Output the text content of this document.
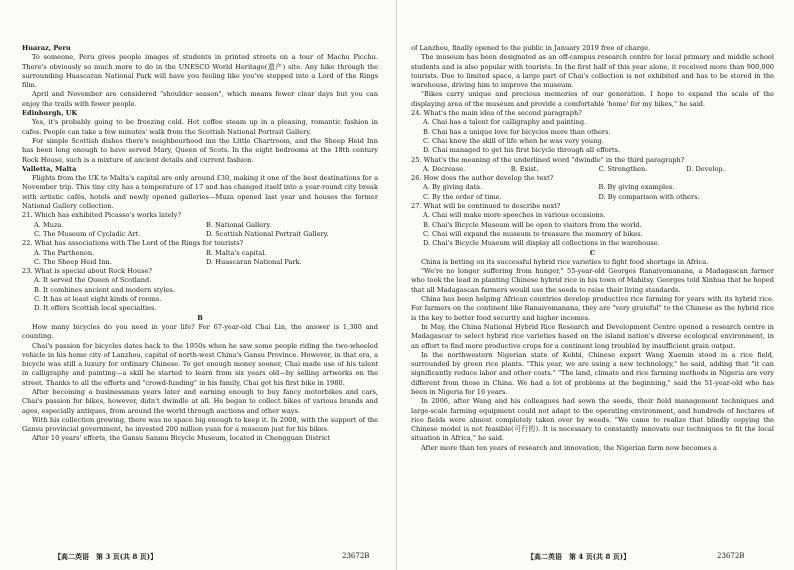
Huaraz, Peru
To someone, Peru gives people images of students in printed streets on a tour of Machu Picchu. There's obviously so much more to do in the UNESCO World Heritage(遗产) site. Any hike through the surrounding Huascaran National Park will have you feeling like you've stepped into a Lord of the Rings film.
April and November are considered "shoulder season", which means fewer clear days but you can enjoy the trails with fewer people.
Edinburgh, UK
Yes, it's probably going to be freezing cold. Hot coffee steam up in a pleasing, romantic fashion in cafes. People can take a few minutes' walk from the Scottish National Portrait Gallery.
For simple Scottish dishes there's neighbourhood inn the Little Chartroom, and the Sheep Heid Inn has been long enough to have served Mary, Queen of Scots. In the eight bedrooms at the 18th century Rock House, such is a mixture of ancient details and current fashion.
Valletta, Malta
Flights from the UK to Malta's capital are only around £30, making it one of the best destinations for a November trip. This tiny city has a temperature of 17 and has changed itself into a year-round city break with artistic cafés, hotels and newly opened galleries—Muza opened last year and houses the former National Gallery collection.
21. Which has exhibited Picasso's works lately?
A. Muza.	B. National Gallery.
C. The Museum of Cycladic Art.	D. Scottish National Portrait Gallery.
22. What has associations with The Lord of the Rings for tourists?
A. The Parthenon.	B. Malta's capital.
C. The Sheep Heid Inn.	D. Huascaran National Park.
23. What is special about Rock House?
A. It served the Queen of Scotland.
B. It combines ancient and modern styles.
C. It has at least eight kinds of rooms.
D. It offers Scottish local specialties.
B
How many bicycles do you need in your life? For 67-year-old Chai Lin, the answer is 1,300 and counting.
Chai's passion for bicycles dates back to the 1950s when he saw some people riding the two-wheeled vehicle in his home city of Lanzhou, capital of north-west China's Gansu Province. However, in that era, a bicycle was still a luxury for ordinary Chinese. To get enough money sooner, Chai made use of his talent in calligraphy and painting—a skill he started to learn from six years old—by selling artworks on the street. Thanks to all the efforts and "crowd-funding" in his family, Chai got his first bike in 1980.
After becoming a businessman years later and earning enough to buy fancy motorbikes and cars, Chai's passion for bikes, however, didn't dwindle at all. He began to collect bikes of various brands and ages, especially antiques, from around the world through auctions and other ways.
With his collection growing, there was no space big enough to keep it. In 2008, with the support of the Gansu provincial government, he invested 200 million yuan for a museum just for his bikes.
After 10 years' efforts, the Gansu Sanmu Bicycle Museum, located in Chengguan District
【高二英语　第 3 页(共 8 页)】	23672B
of Lanzhou, finally opened to the public in January 2019 free of charge.
The museum has been designated as an off-campus research centre for local primary and middle school students and is also popular with tourists. In the first half of this year alone, it received more than 900,000 tourists. Due to limited space, a large part of Chai's collection is not exhibited and has to be stored in the warehouse, driving him to improve the museum.
"Bikes carry unique and precious memories of our generation. I hope to expand the scale of the displaying area of the museum and provide a comfortable 'home' for my bikes," he said.
24. What's the main idea of the second paragraph?
A. Chai has a talent for calligraphy and painting.
B. Chai has a unique love for bicycles more than others.
C. Chai knew the skill of life when he was very young.
D. Chai managed to get his first bicycle through all efforts.
25. What's the meaning of the underlined word "dwindle" in the third paragraph?
A. Decrease.	B. Exist.	C. Strengthen.	D. Develop.
26. How does the author develop the text?
A. By giving data.	B. By giving examples.
C. By the order of time.	D. By comparison with others.
27. What will be continued to describe next?
A. Chai will make more speeches in various occasions.
B. Chai's Bicycle Museum will be open to visitors from the world.
C. Chai will expand the museum to treasure the memory of bikes.
D. Chai's Bicycle Museum will display all collections in the warehouse.
C
China is betting on its successful hybrid rice varieties to fight food shortage in Africa.
"We're no longer suffering from hunger," 55-year-old Georges Ranaivomanana, a Madagascan farmer who took the lead in planting Chinese hybrid rice in his town of Mahitsy. Georges told Xinhua that he hoped that all Madagascan farmers would use the seeds to raise their living standards.
China has been helping African countries develop productive rice farming for years with its hybrid rice. For farmers on the continent like Ranaivomanana, they are "very grateful" to the Chinese as the hybrid rice is the key to better food security and higher incomes.
In May, the China National Hybrid Rice Research and Development Centre opened a research centre in Madagascar to select hybrid rice varieties based on the island nation's diverse ecological environment, in an effort to find more productive crops for a continent long troubled by insufficient grain output.
In the northwestern Nigerian state of Kebbi, Chinese expert Wang Xuemin stood in a rice field, surrounded by green rice plants. "This year, we are using a new technology," he said, adding that "it can significantly reduce labor and other costs." "The land, climate and rice farming methods in Nigeria are very different from those in China. We had a lot of problems at the beginning," said the 51-year-old who has been in Nigeria for 16 years.
In 2006, after Wang and his colleagues had sown the seeds, their field management techniques and large-scale farming equipment could not adapt to the operating environment, and hundreds of hectares of rice fields were almost completely taken over by weeds. "We came to realize that blindly copying the Chinese model is not feasible(可行的). It is necessary to constantly innovate our techniques to fit the local situation in Africa," he said.
After more than ten years of research and innovation, the Nigerian farm now becomes a
【高二英语　第 4 页(共 8 页)】	23672B
